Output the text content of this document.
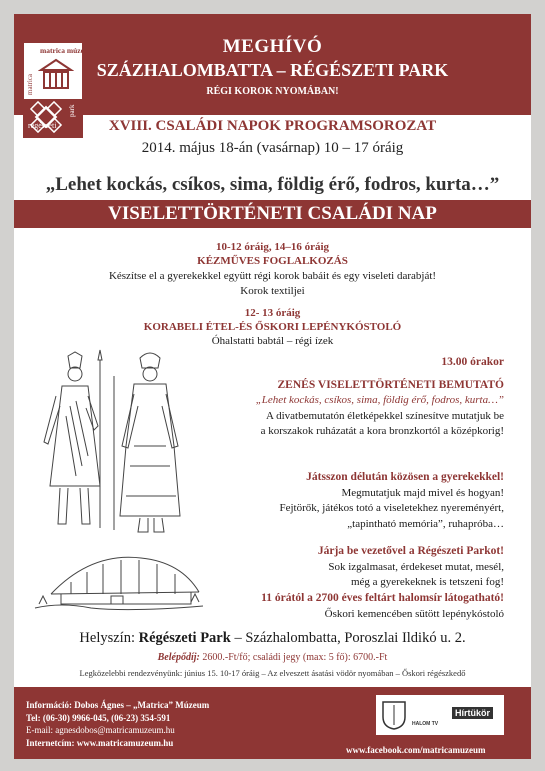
MEGHÍVÓ
SZÁZHALOMBATTA – RÉGÉSZETI PARK
RÉGI KOROK NYOMÁBAN!
matrica múzeum
matrica
régészeti
park
XVIII. CSALÁDI NAPOK PROGRAMSOROZAT
2014. május 18-án (vasárnap) 10 – 17 óráig
„Lehet kockás, csíkos, sima, földig érő, fodros, kurta…”
VISELETTÖRTÉNETI CSALÁDI NAP
10-12 óráig, 14–16 óráig
KÉZMŰVES FOGLALKOZÁS
Készítse el a gyerekekkel együtt régi korok babáit és egy viseleti darabját!
Korok textiljei
12- 13 óráig
KORABELI ÉTEL-ÉS ŐSKORI LEPÉNYKÓSTOLÓ
Óhalstatti babtál – régi ízek
13.00 órakor
ZENÉS VISELETTÖRTÉNETI BEMUTATÓ
„Lehet kockás, csíkos, sima, földig érő, fodros, kurta…”
A divatbemutatón életképekkel színesítve mutatjuk be
a korszakok ruházatát a kora bronzkortól a középkorig!
Játsszon délután közösen a gyerekekkel!
Megmutatjuk majd mivel és hogyan!
Fejtörők, játékos totó a viseletekhez nyereményért,
„tapintható memória”, ruhapróba…
Járja be vezetővel a Régészeti Parkot!
Sok izgalmasat, érdekeset mutat, mesél,
még a gyerekeknek is tetszeni fog!
11 órától a 2700 éves feltárt halomsír látogatható!
Őskori kemencében sütött lepénykóstoló
Helyszín: Régészeti Park – Százhalombatta, Poroszlai Ildikó u. 2.
Belépődíj: 2600.-Ft/fő; családi jegy (max: 5 fő): 6700.-Ft
Legközelebbi rendezvényünk: június 15. 10-17 óráig – Az elveszett ásatási vödör nyomában – Őskori régészkedő
Információ: Dobos Ágnes – „Matrica” Múzeum
Tel: (06-30) 9966-045, (06-23) 354-591
E-mail: agnesdobos@matricamuzeum.hu
Internetcím: www.matricamuzeum.hu
HALOM TV
Hírtükör
www.facebook.com/matricamuzeum
